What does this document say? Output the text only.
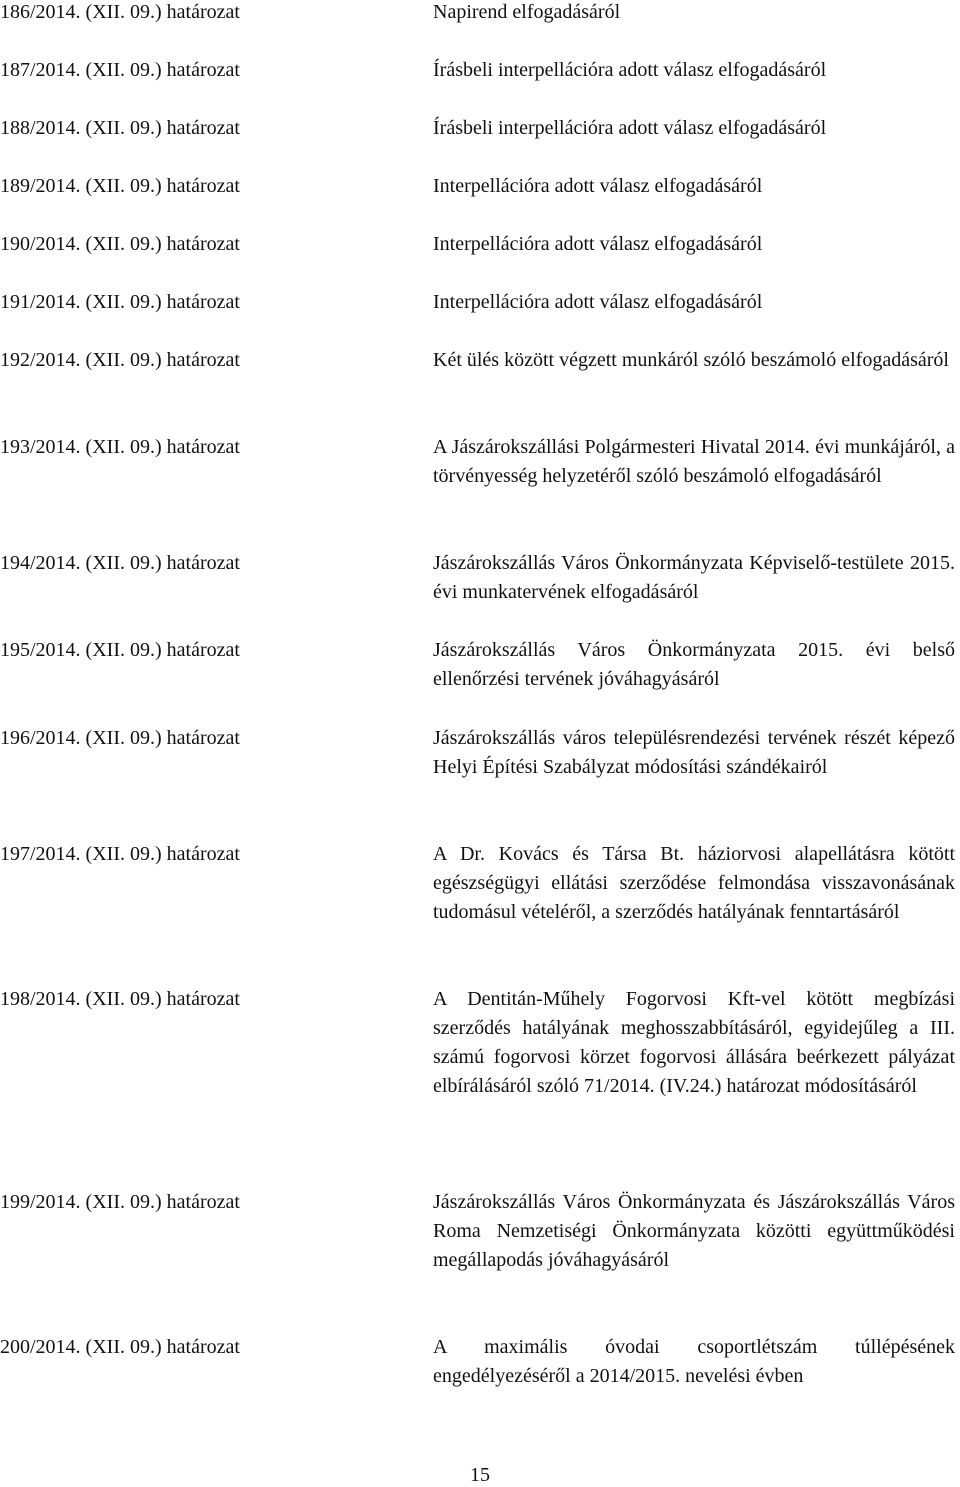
186/2014. (XII. 09.) határozat	Napirend elfogadásáról
187/2014. (XII. 09.) határozat	Írásbeli interpellációra adott válasz elfogadásáról
188/2014. (XII. 09.) határozat	Írásbeli interpellációra adott válasz elfogadásáról
189/2014. (XII. 09.) határozat	Interpellációra adott válasz elfogadásáról
190/2014. (XII. 09.) határozat	Interpellációra adott válasz elfogadásáról
191/2014. (XII. 09.) határozat	Interpellációra adott válasz elfogadásáról
192/2014. (XII. 09.) határozat	Két ülés között végzett munkáról szóló beszámoló elfogadásáról
193/2014. (XII. 09.) határozat	A Jászárokszállási Polgármesteri Hivatal 2014. évi munkájáról, a törvényesség helyzetéről szóló beszámoló elfogadásáról
194/2014. (XII. 09.) határozat	Jászárokszállás Város Önkormányzata Képviselő-testülete 2015. évi munkatervének elfogadásáról
195/2014. (XII. 09.) határozat	Jászárokszállás Város Önkormányzata 2015. évi belső ellenőrzési tervének jóváhagyásáról
196/2014. (XII. 09.) határozat	Jászárokszállás város településrendezési tervének részét képező Helyi Építési Szabályzat módosítási szándékairól
197/2014. (XII. 09.) határozat	A Dr. Kovács és Társa Bt. háziorvosi alapellátásra kötött egészségügyi ellátási szerződése felmondása visszavonásának tudomásul vételéről, a szerződés hatályának fenntartásáról
198/2014. (XII. 09.) határozat	A Dentitán-Műhely Fogorvosi Kft-vel kötött megbízási szerződés hatályának meghosszabbításáról, egyidejűleg a III. számú fogorvosi körzet fogorvosi állására beérkezett pályázat elbírálásáról szóló 71/2014. (IV.24.) határozat módosításáról
199/2014. (XII. 09.) határozat	Jászárokszállás Város Önkormányzata és Jászárokszállás Város Roma Nemzetiségi Önkormányzata közötti együttműködési megállapodás jóváhagyásáról
200/2014. (XII. 09.) határozat	A maximális óvodai csoportlétszám túllépésének engedélyezéséről a 2014/2015. nevelési évben
15
